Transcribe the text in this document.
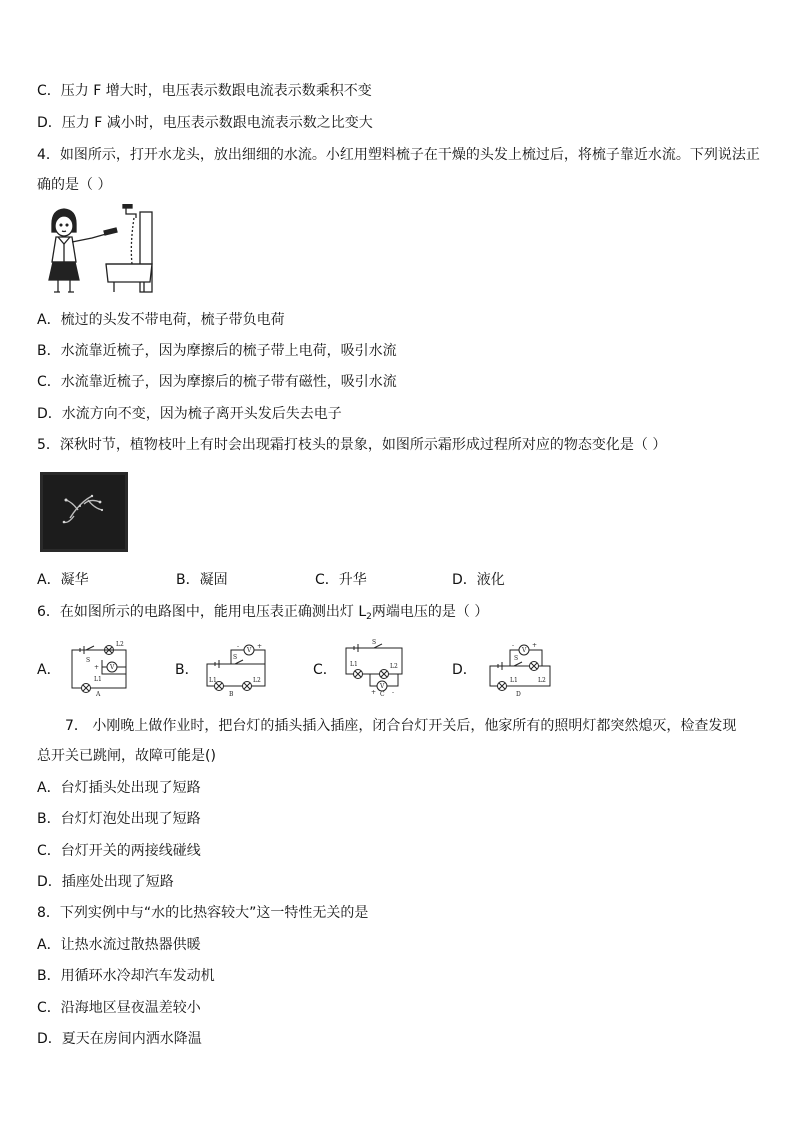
C．压力 F 增大时，电压表示数跟电流表示数乘积不变
D．压力 F 减小时，电压表示数跟电流表示数之比变大
4．如图所示，打开水龙头，放出细细的水流。小红用塑料梳子在干燥的头发上梳过后，将梳子靠近水流。下列说法正
确的是（ ）
A．梳过的头发不带电荷，梳子带负电荷
B．水流靠近梳子，因为摩擦后的梳子带上电荷，吸引水流
C．水流靠近梳子，因为摩擦后的梳子带有磁性，吸引水流
D．水流方向不变，因为梳子离开头发后失去电子
5．深秋时节，植物枝叶上有时会出现霜打枝头的景象，如图所示霜形成过程所对应的物态变化是（ ）
A．凝华	B．凝固	C．升华	D．液化
6．在如图所示的电路图中，能用电压表正确测出灯 $L_2$两端电压的是（ ）
A．	B．	C．	D．
S
L2
V
+
L1
A
S
V
-	+
L1	L2
B
S
L1	L2
V
+	-
C
S
V
-	+
L1	L2
D
7． 小刚晚上做作业时，把台灯的插头插入插座，闭合台灯开关后，他家所有的照明灯都突然熄灭，检查发现
总开关已跳闸，故障可能是()
A．台灯插头处出现了短路
B．台灯灯泡处出现了短路
C．台灯开关的两接线碰线
D．插座处出现了短路
8．下列实例中与“水的比热容较大”这一特性无关的是
A．让热水流过散热器供暖
B．用循环水冷却汽车发动机
C．沿海地区昼夜温差较小
D．夏天在房间内洒水降温
